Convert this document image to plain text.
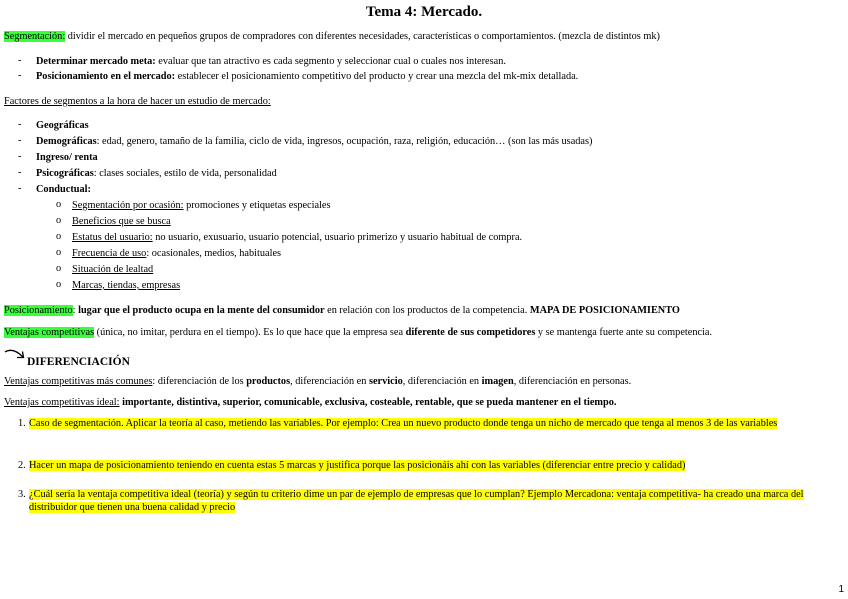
Tema 4: Mercado.
Segmentación: dividir el mercado en pequeños grupos de compradores con diferentes necesidades, características o comportamientos. (mezcla de distintos mk)
- Determinar mercado meta: evaluar que tan atractivo es cada segmento y seleccionar cual o cuales nos interesan.
- Posicionamiento en el mercado: establecer el posicionamiento competitivo del producto y crear una mezcla del mk-mix detallada.
Factores de segmentos a la hora de hacer un estudio de mercado:
- Geográficas
- Demográficas: edad, genero, tamaño de la familia, ciclo de vida, ingresos, ocupación, raza, religión, educación… (son las más usadas)
- Ingreso/ renta
- Psicográficas: clases sociales, estilo de vida, personalidad
- Conductual:
o Segmentación por ocasión: promociones y etiquetas especiales
o Beneficios que se busca
o Estatus del usuario: no usuario, exusuario, usuario potencial, usuario primerizo y usuario habitual de compra.
o Frecuencia de uso: ocasionales, medios, habituales
o Situación de lealtad
o Marcas, tiendas, empresas
Posicionamiento: lugar que el producto ocupa en la mente del consumidor en relación con los productos de la competencia. MAPA DE POSICIONAMIENTO
Ventajas competitivas (única, no imitar, perdura en el tiempo). Es lo que hace que la empresa sea diferente de sus competidores y se mantenga fuerte ante su competencia.
DIFERENCIACIÓN
Ventajas competitivas más comunes: diferenciación de los productos, diferenciación en servicio, diferenciación en imagen, diferenciación en personas.
Ventajas competitivas ideal: importante, distintiva, superior, comunicable, exclusiva, costeable, rentable, que se pueda mantener en el tiempo.
1. Caso de segmentación. Aplicar la teoría al caso, metiendo las variables. Por ejemplo: Crea un nuevo producto donde tenga un nicho de mercado que tenga al menos 3 de las variables
2. Hacer un mapa de posicionamiento teniendo en cuenta estas 5 marcas y justifica porque las posicionáis ahí con las variables (diferenciar entre precio y calidad)
3. ¿Cuál sería la ventaja competitiva ideal (teoría) y según tu criterio dime un par de ejemplo de empresas que lo cumplan? Ejemplo Mercadona: ventaja competitiva- ha creado una marca del distribuidor que tienen una buena calidad y precio
1
